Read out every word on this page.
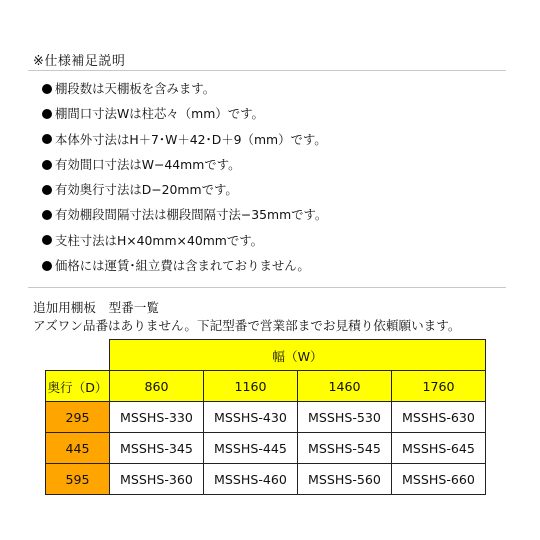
※仕様補足説明
棚段数は天棚板を含みます。
棚間口寸法Wは柱芯々（mm）です。
本体外寸法はH＋7･W＋42･D＋9（mm）です。
有効間口寸法はW−44mmです。
有効奥行寸法はD−20mmです。
有効棚段間隔寸法は棚段間隔寸法−35mmです。
支柱寸法はH×40mm×40mmです。
価格には運賃･組立費は含まれておりません。
追加用棚板　型番一覧
アズワン品番はありません。下記型番で営業部までお見積り依頼願います。
	幅（W）			
奥行（D）	860	1160	1460	1760
295	MSSHS-330	MSSHS-430	MSSHS-530	MSSHS-630
445	MSSHS-345	MSSHS-445	MSSHS-545	MSSHS-645
595	MSSHS-360	MSSHS-460	MSSHS-560	MSSHS-660
